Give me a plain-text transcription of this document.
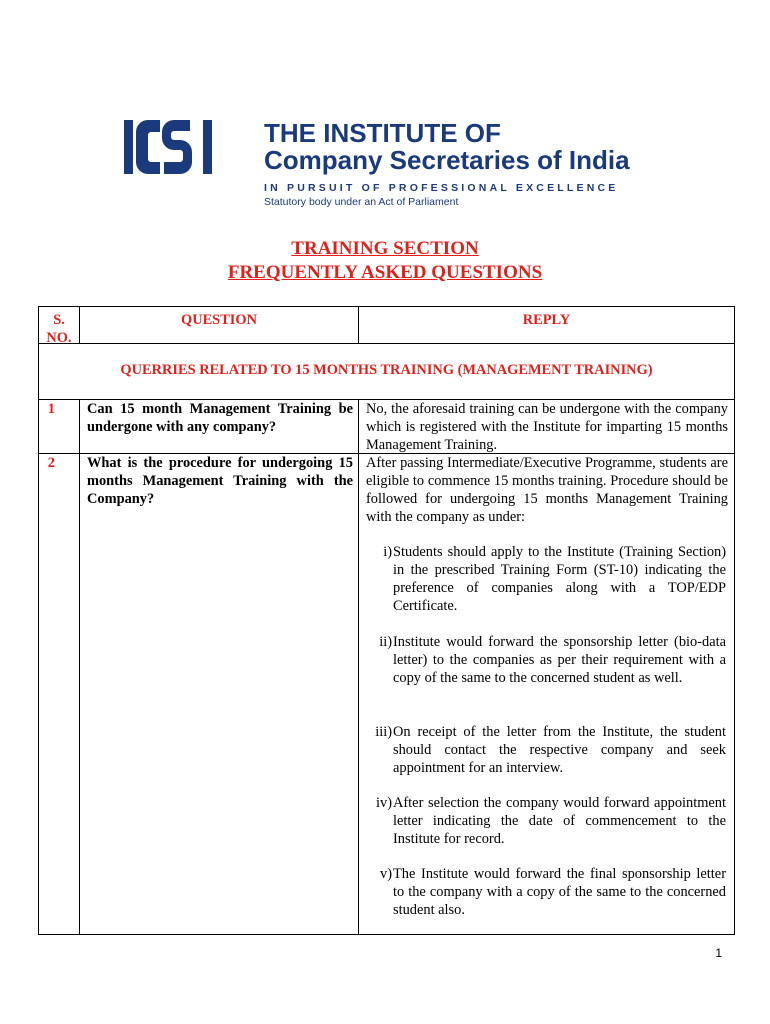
THE INSTITUTE OF
Company Secretaries of India
IN PURSUIT OF PROFESSIONAL EXCELLENCE
Statutory body under an Act of Parliament
TRAINING SECTION
FREQUENTLY ASKED QUESTIONS
S. NO.
QUESTION	REPLY
QUERRIES RELATED TO 15 MONTHS TRAINING (MANAGEMENT TRAINING)
1 Can 15 month Management Training be undergone with any company?
No, the aforesaid training can be undergone with the company which is registered with the Institute for imparting 15 months Management Training.
2 What is the procedure for undergoing 15 months Management Training with the Company?
After passing Intermediate/Executive Programme, students are eligible to commence 15 months training. Procedure should be followed for undergoing 15 months Management Training with the company as under:
i) Students should apply to the Institute (Training Section) in the prescribed Training Form (ST-10) indicating the preference of companies along with a TOP/EDP Certificate.
ii) Institute would forward the sponsorship letter (bio-data letter) to the companies as per their requirement with a copy of the same to the concerned student as well.
iii) On receipt of the letter from the Institute, the student should contact the respective company and seek appointment for an interview.
iv) After selection the company would forward appointment letter indicating the date of commencement to the Institute for record.
v) The Institute would forward the final sponsorship letter to the company with a copy of the same to the concerned student also.
1
